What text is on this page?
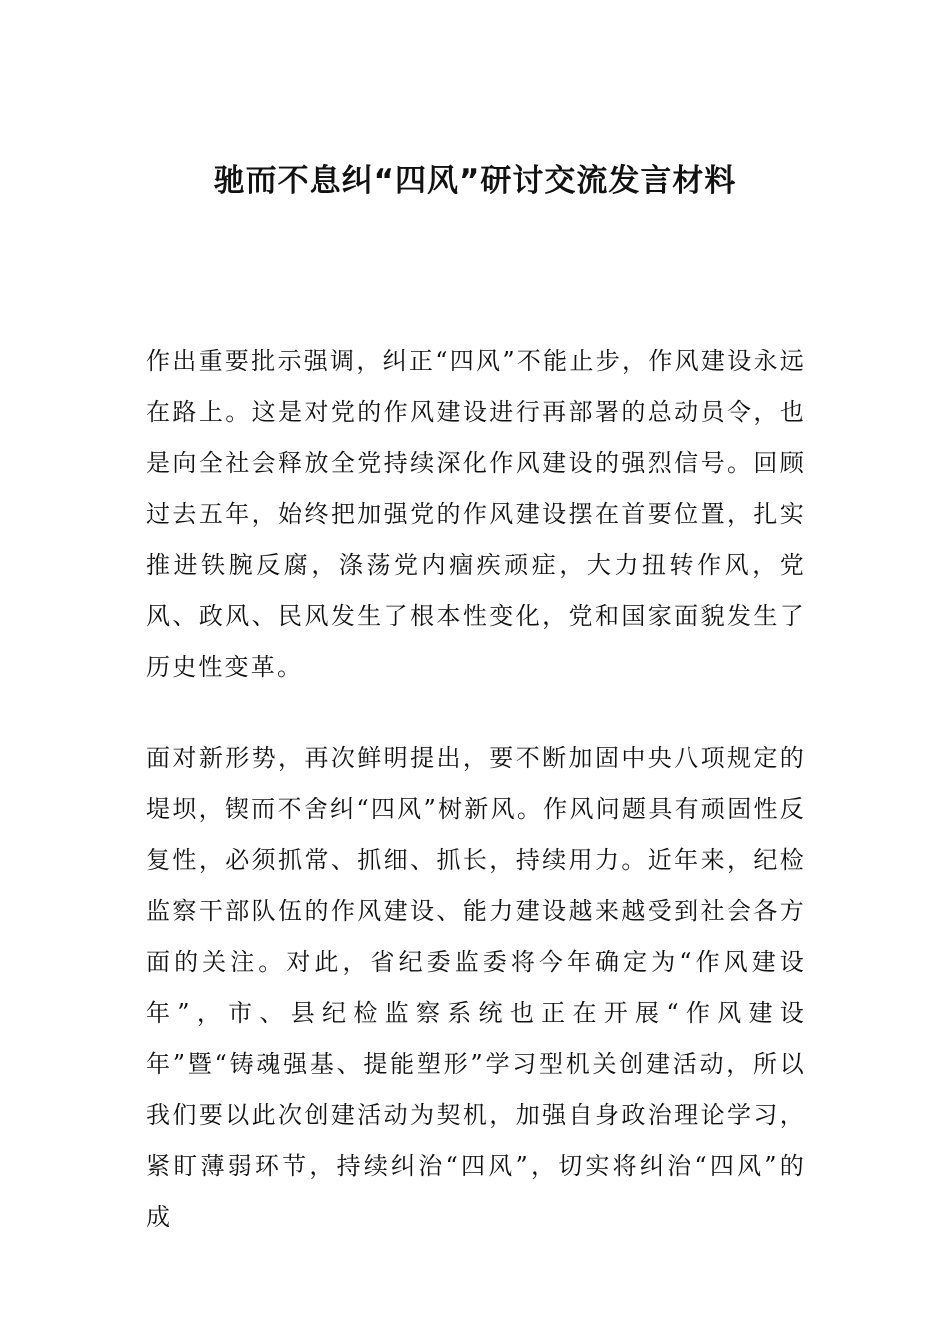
驰而不息纠“四风”研讨交流发言材料

作出重要批示强调，纠正“四风”不能止步，作风建设永远在路上。这是对党的作风建设进行再部署的总动员令，也是向全社会释放全党持续深化作风建设的强烈信号。回顾过去五年，始终把加强党的作风建设摆在首要位置，扎实推进铁腕反腐，涤荡党内痼疾顽症，大力扭转作风，党风、政风、民风发生了根本性变化，党和国家面貌发生了历史性变革。

面对新形势，再次鲜明提出，要不断加固中央八项规定的堤坝，锲而不舍纠“四风”树新风。作风问题具有顽固性反复性，必须抓常、抓细、抓长，持续用力。近年来，纪检监察干部队伍的作风建设、能力建设越来越受到社会各方面的关注。对此，省纪委监委将今年确定为“作风建设年”，市、县纪检监察系统也正在开展“作风建设年”暨“铸魂强基、提能塑形”学习型机关创建活动，所以我们要以此次创建活动为契机，加强自身政治理论学习，紧盯薄弱环节，持续纠治“四风”，切实将纠治“四风”的成
